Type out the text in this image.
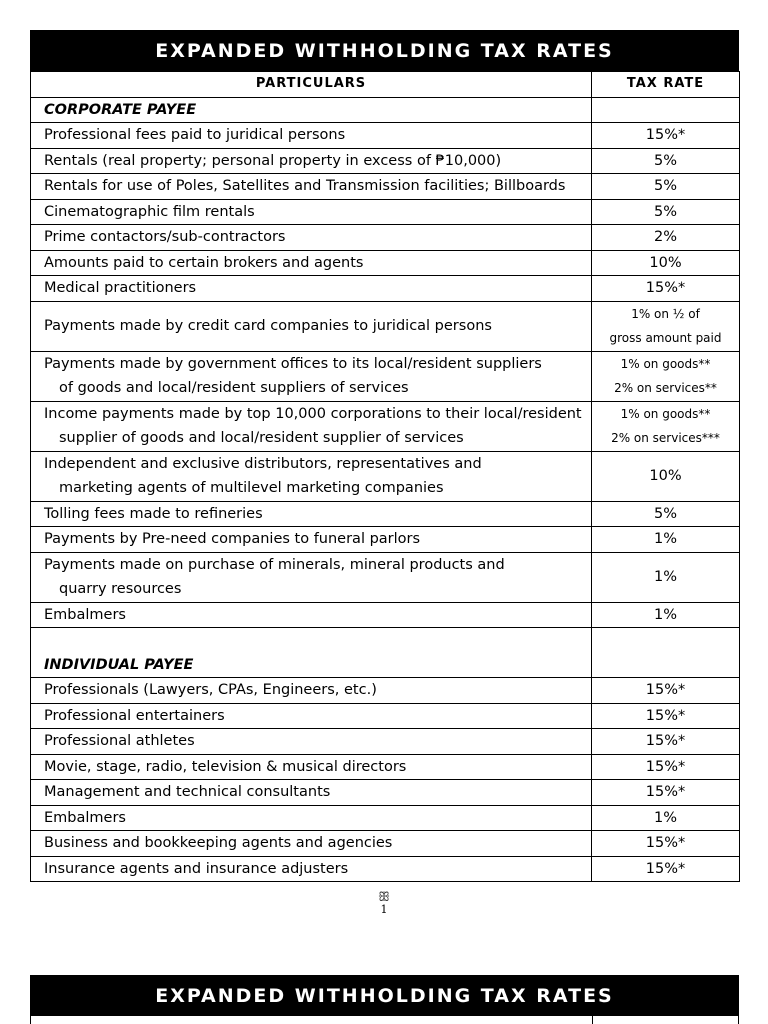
EXPANDED WITHHOLDING TAX RATES
PARTICULARS	TAX RATE
CORPORATE PAYEE	

Professional fees paid to juridical persons	15%*

Rentals (real property; personal property in excess of ₱10,000)	5%

Rentals for use of Poles, Satellites and Transmission facilities; Billboards	5%

Cinematographic film rentals	5%

Prime contactors/sub-contractors	2%

Amounts paid to certain brokers and agents	10%

Medical practitioners	15%*

Payments made by credit card companies to juridical persons	1% on ½ of
gross amount paid

Payments made by government offices to its local/resident suppliers
of goods and local/resident suppliers of services	1% on goods**
2% on services**

Income payments made by top 10,000 corporations to their local/resident
supplier of goods and local/resident supplier of services	1% on goods**
2% on services***

Independent and exclusive distributors, representatives and
marketing agents of multilevel marketing companies	10%

Tolling fees made to refineries	5%

Payments by Pre-need companies to funeral parlors	1%

Payments made on purchase of minerals, mineral products and
quarry resources	1%

Embalmers	1%

INDIVIDUAL PAYEE	

Professionals (Lawyers, CPAs, Engineers, etc.)	15%*

Professional entertainers	15%*

Professional athletes	15%*

Movie, stage, radio, television & musical directors	15%*

Management and technical consultants	15%*

Embalmers	1%

Business and bookkeeping agents and agencies	15%*

Insurance agents and insurance adjusters	15%*
ꕥ
1
EXPANDED WITHHOLDING TAX RATES
